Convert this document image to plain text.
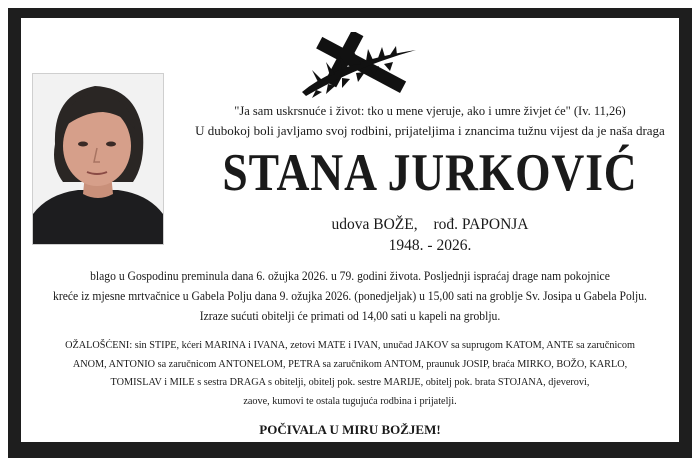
"Ja sam uskrsnuće i život: tko u mene vjeruje, ako i umre živjet će" (Iv. 11,26)
U dubokoj boli javljamo svoj rodbini, prijateljima i znancima tužnu vijest da je naša draga
STANA JURKOVIĆ
udova BOŽE, rođ. PAPONJA
1948. - 2026.

blago u Gospodinu preminula dana 6. ožujka 2026. u 79. godini života. Posljednji ispraćaj drage nam pokojnice

kreće iz mjesne mrtvačnice u Gabela Polju dana 9. ožujka 2026. (ponedjeljak) u 15,00 sati na groblje Sv. Josipa u Gabela Polju.

Izraze sućuti obitelji će primati od 14,00 sati u kapeli na groblju.

OŽALOŠĆENI: sin STIPE, kćeri MARINA i IVANA, zetovi MATE i IVAN, unučad JAKOV sa suprugom KATOM, ANTE sa zaručnicom

ANOM, ANTONIO sa zaručnicom ANTONELOM, PETRA sa zaručnikom ANTOM, praunuk JOSIP, braća MIRKO, BOŽO, KARLO,

TOMISLAV i MILE s sestra DRAGA s obitelji, obitelj pok. sestre MARIJE, obitelj pok. brata STOJANA, djeverovi,

zaove, kumovi te ostala tugujuća rodbina i prijatelji.

POČIVALA U MIRU BOŽJEM!
